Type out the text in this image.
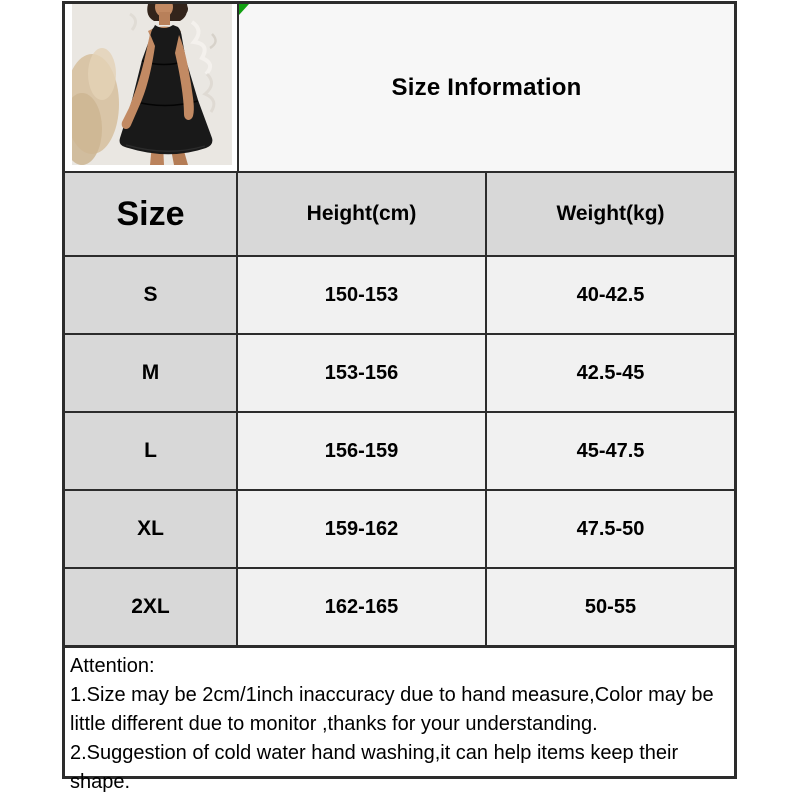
Size Information
Size	Height(cm)	Weight(kg)
S	150-153	40-42.5
M	153-156	42.5-45
L	156-159	45-47.5
XL	159-162	47.5-50
2XL	162-165	50-55
Attention:
1.Size may be 2cm/1inch inaccuracy due to hand measure,Color may be little different due to monitor ,thanks for your understanding.
2.Suggestion of cold water hand washing,it can help items keep their shape.
